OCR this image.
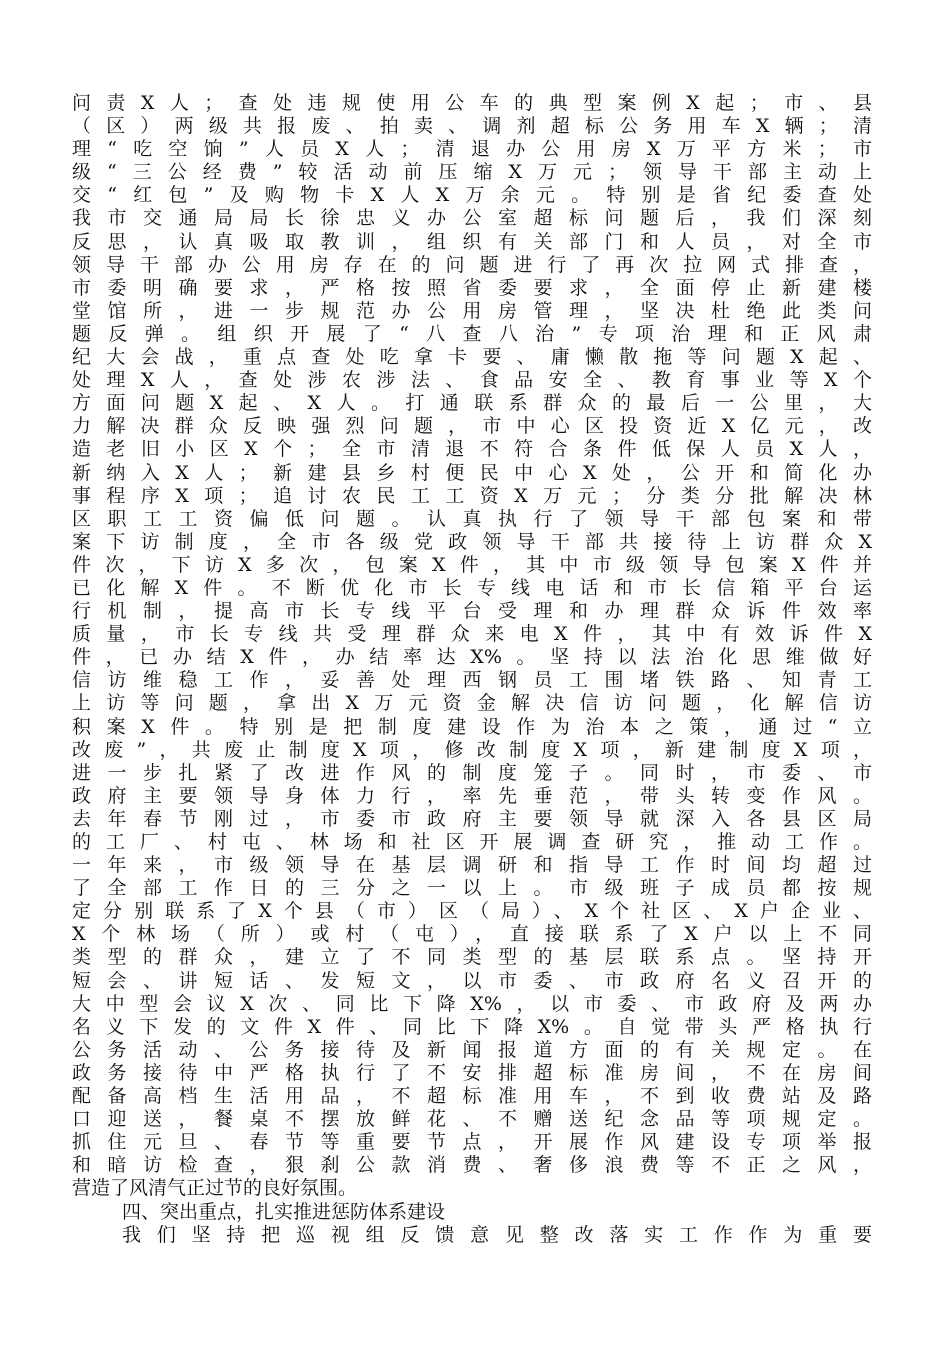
问责X人；查处违规使用公车的典型案例X起；市、县
（区）两级共报废、拍卖、调剂超标公务用车X辆；清
理“吃空饷”人员X人；清退办公用房X万平方米；市
级“三公经费”较活动前压缩X万元；领导干部主动上
交“红包”及购物卡X人X万余元。特别是省纪委查处
我市交通局局长徐忠义办公室超标问题后，我们深刻
反思，认真吸取教训，组织有关部门和人员，对全市
领导干部办公用房存在的问题进行了再次拉网式排查，
市委明确要求，严格按照省委要求，全面停止新建楼
堂馆所，进一步规范办公用房管理，坚决杜绝此类问
题反弹。组织开展了“八查八治”专项治理和正风肃
纪大会战，重点查处吃拿卡要、庸懒散拖等问题X起、
处理X人，查处涉农涉法、食品安全、教育事业等X个
方面问题X起、X人。打通联系群众的最后一公里，大
力解决群众反映强烈问题，市中心区投资近X亿元，改
造老旧小区X个；全市清退不符合条件低保人员X人，
新纳入X人；新建县乡村便民中心X处，公开和简化办
事程序X项；追讨农民工工资X万元；分类分批解决林
区职工工资偏低问题。认真执行了领导干部包案和带
案下访制度，全市各级党政领导干部共接待上访群众X
件次，下访X多次，包案X件，其中市级领导包案X件并
已化解X件。不断优化市长专线电话和市长信箱平台运
行机制，提高市长专线平台受理和办理群众诉件效率
质量，市长专线共受理群众来电X件，其中有效诉件X
件，已办结X件，办结率达X%。坚持以法治化思维做好
信访维稳工作，妥善处理西钢员工围堵铁路、知青工
上访等问题，拿出X万元资金解决信访问题，化解信访
积案X件。特别是把制度建设作为治本之策，通过“立
改废”，共废止制度X项，修改制度X项，新建制度X项，
进一步扎紧了改进作风的制度笼子。同时，市委、市
政府主要领导身体力行，率先垂范，带头转变作风。
去年春节刚过，市委市政府主要领导就深入各县区局
的工厂、村屯、林场和社区开展调查研究，推动工作。
一年来，市级领导在基层调研和指导工作时间均超过
了全部工作日的三分之一以上。市级班子成员都按规
定分别联系了X个县（市）区（局）、X个社区、X户企业、
X个林场（所）或村（屯），直接联系了X户以上不同
类型的群众，建立了不同类型的基层联系点。坚持开
短会、讲短话、发短文，以市委、市政府名义召开的
大中型会议X次、同比下降X%，以市委、市政府及两办
名义下发的文件X件、同比下降X%。自觉带头严格执行
公务活动、公务接待及新闻报道方面的有关规定。在
政务接待中严格执行了不安排超标准房间，不在房间
配备高档生活用品，不超标准用车，不到收费站及路
口迎送，餐桌不摆放鲜花、不赠送纪念品等项规定。
抓住元旦、春节等重要节点，开展作风建设专项举报
和暗访检查，狠刹公款消费、奢侈浪费等不正之风，
营造了风清气正过节的良好氛围。
四、突出重点，扎实推进惩防体系建设
我们坚持把巡视组反馈意见整改落实工作作为重要
